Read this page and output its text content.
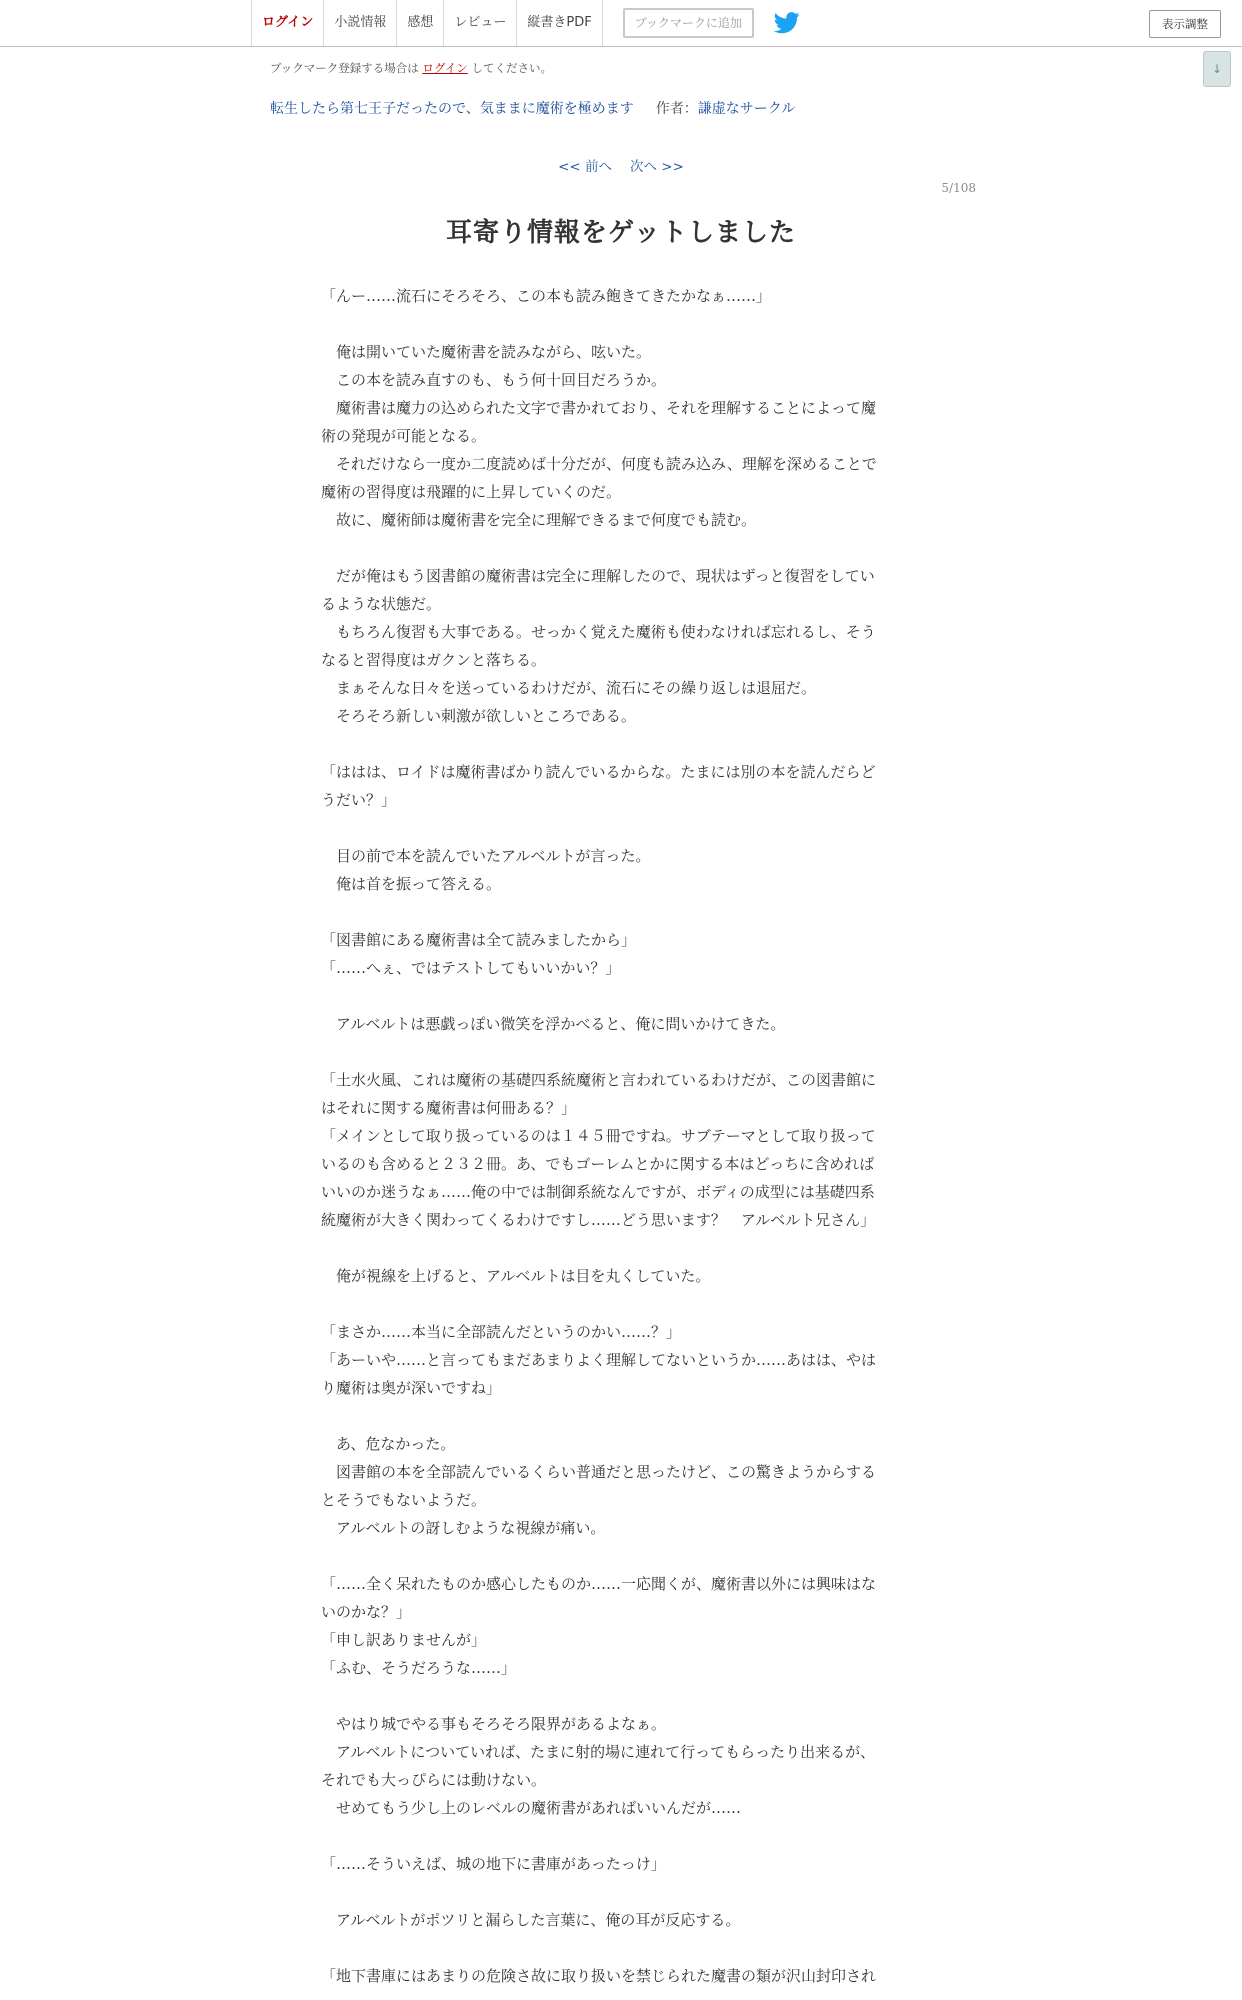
ログイン	小説情報	感想	レビュー	縦書きPDF	ブックマークに追加	表示調整
↓
ブックマーク登録する場合は ログイン してください。
転生したら第七王子だったので、気ままに魔術を極めます 作者：謙虚なサークル
<< 前へ 次へ >>
5/108
耳寄り情報をゲットしました
「んー……流石にそろそろ、この本も読み飽きてきたかなぁ……」
　俺は開いていた魔術書を読みながら、呟いた。
　この本を読み直すのも、もう何十回目だろうか。
　魔術書は魔力の込められた文字で書かれており、それを理解することによって魔
術の発現が可能となる。
　それだけなら一度か二度読めば十分だが、何度も読み込み、理解を深めることで
魔術の習得度は飛躍的に上昇していくのだ。
　故に、魔術師は魔術書を完全に理解できるまで何度でも読む。
　だが俺はもう図書館の魔術書は完全に理解したので、現状はずっと復習をしてい
るような状態だ。
　もちろん復習も大事である。せっかく覚えた魔術も使わなければ忘れるし、そう
なると習得度はガクンと落ちる。
　まぁそんな日々を送っているわけだが、流石にその繰り返しは退屈だ。
　そろそろ新しい刺激が欲しいところである。
「ははは、ロイドは魔術書ばかり読んでいるからな。たまには別の本を読んだらど
うだい？」
　目の前で本を読んでいたアルベルトが言った。
　俺は首を振って答える。
「図書館にある魔術書は全て読みましたから」
「……へぇ、ではテストしてもいいかい？」
　アルベルトは悪戯っぽい微笑を浮かべると、俺に問いかけてきた。
「土水火風、これは魔術の基礎四系統魔術と言われているわけだが、この図書館に
はそれに関する魔術書は何冊ある？」
「メインとして取り扱っているのは１４５冊ですね。サブテーマとして取り扱って
いるのも含めると２３２冊。あ、でもゴーレムとかに関する本はどっちに含めれば
いいのか迷うなぁ……俺の中では制御系統なんですが、ボディの成型には基礎四系
統魔術が大きく関わってくるわけですし……どう思います？　アルベルト兄さん」
　俺が視線を上げると、アルベルトは目を丸くしていた。
「まさか……本当に全部読んだというのかい……？」
「あーいや……と言ってもまだあまりよく理解してないというか……あはは、やは
り魔術は奥が深いですね」
　あ、危なかった。
　図書館の本を全部読んでいるくらい普通だと思ったけど、この驚きようからする
とそうでもないようだ。
　アルベルトの訝しむような視線が痛い。
「……全く呆れたものか感心したものか……一応聞くが、魔術書以外には興味はな
いのかな？」
「申し訳ありませんが」
「ふむ、そうだろうな……」
　やはり城でやる事もそろそろ限界があるよなぁ。
　アルベルトについていれば、たまに射的場に連れて行ってもらったり出来るが、
それでも大っぴらには動けない。
　せめてもう少し上のレベルの魔術書があればいいんだが……
「……そういえば、城の地下に書庫があったっけ」
　アルベルトがポツリと漏らした言葉に、俺の耳が反応する。
「地下書庫にはあまりの危険さ故に取り扱いを禁じられた魔書の類が沢山封印され
